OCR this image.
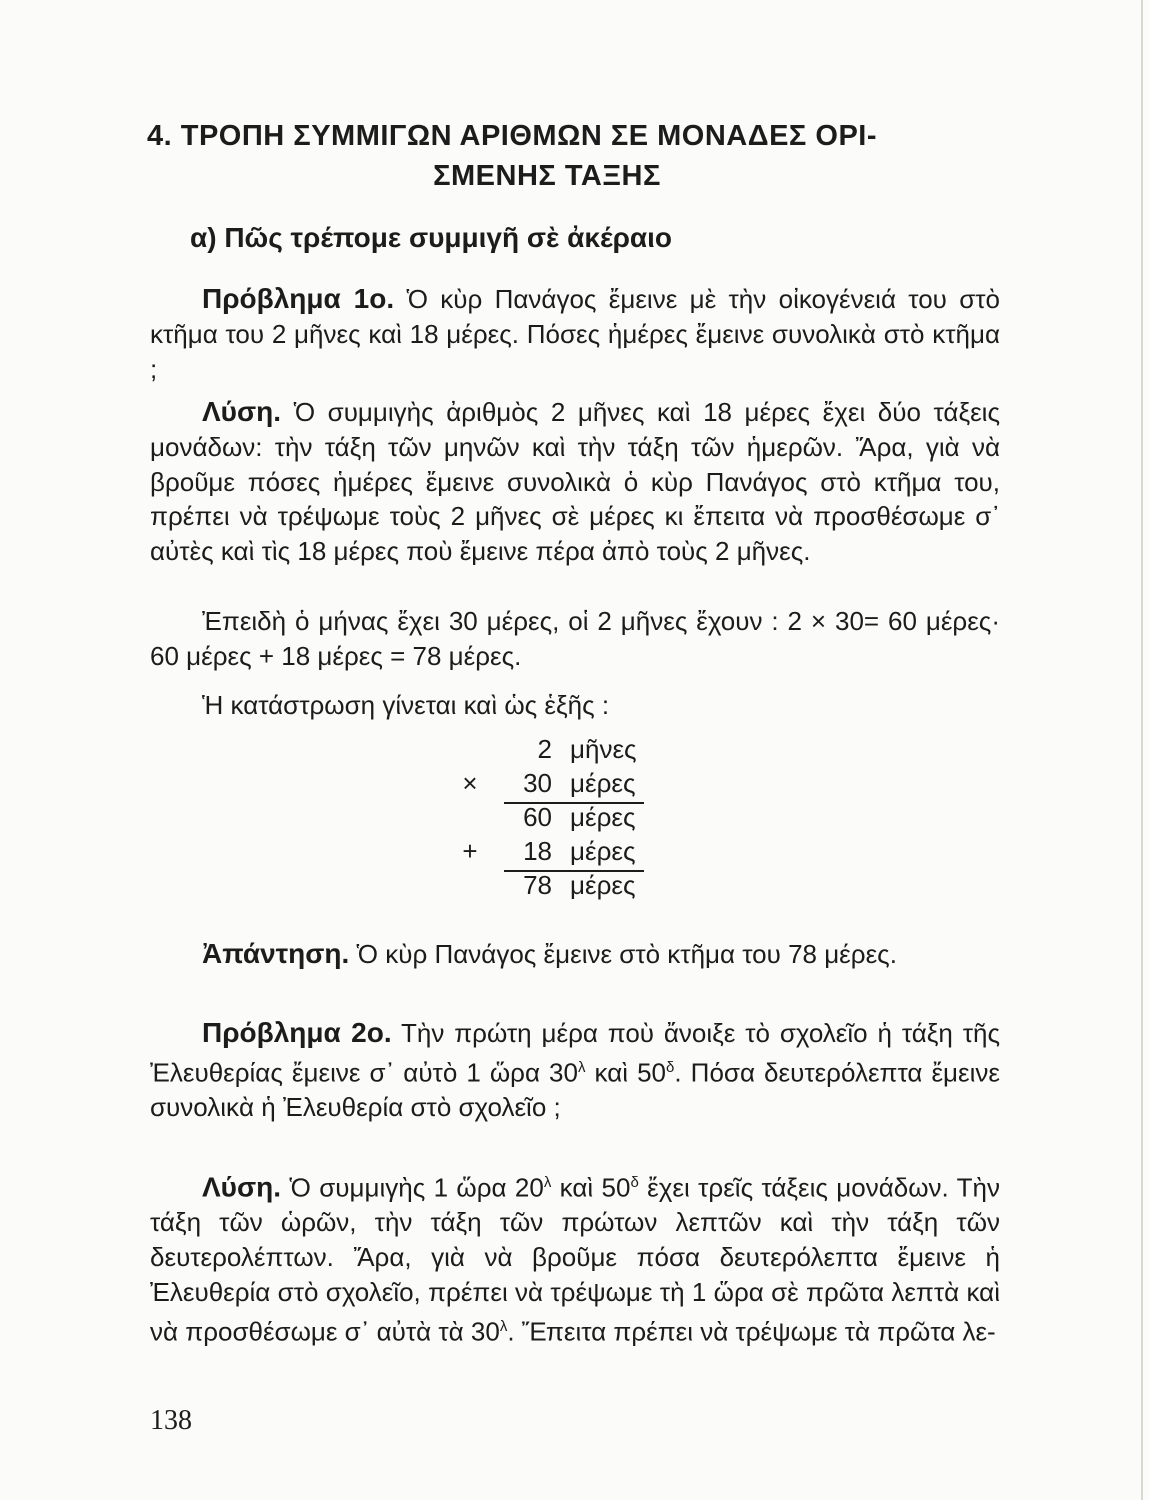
4. ΤΡΟΠΗ ΣΥΜΜΙΓΩΝ ΑΡΙΘΜΩΝ ΣΕ ΜΟΝΑΔΕΣ ΟΡΙ-
ΣΜΕΝΗΣ ΤΑΞΗΣ
α) Πῶς τρέπομε συμμιγῆ σὲ ἀκέραιο
Πρόβλημα 1ο. Ὁ κὺρ Πανάγος ἔμεινε μὲ τὴν οἰκογένειά του στὸ κτῆμα του 2 μῆνες καὶ 18 μέρες. Πόσες ἡμέρες ἔμεινε συνολικὰ στὸ κτῆμα ;
Λύση. Ὁ συμμιγὴς ἀριθμὸς 2 μῆνες καὶ 18 μέρες ἔχει δύο τάξεις μονάδων: τὴν τάξη τῶν μηνῶν καὶ τὴν τάξη τῶν ἡμερῶν. Ἄρα, γιὰ νὰ βροῦμε πόσες ἡμέρες ἔμεινε συνολικὰ ὁ κὺρ Πανάγος στὸ κτῆμα του, πρέπει νὰ τρέψωμε τοὺς 2 μῆνες σὲ μέρες κι ἔπειτα νὰ προσθέσωμε σ᾽ αὐτὲς καὶ τὶς 18 μέρες ποὺ ἔμεινε πέρα ἀπὸ τοὺς 2 μῆνες.
Ἐπειδὴ ὁ μήνας ἔχει 30 μέρες, οἱ 2 μῆνες ἔχουν : 2 × 30= 60 μέρες· 60 μέρες + 18 μέρες = 78 μέρες.
Ἡ κατάστρωση γίνεται καὶ ὡς ἑξῆς :
2 μῆνες
×	30 μέρες
60 μέρες
+	18 μέρες
78 μέρες
Ἀπάντηση. Ὁ κὺρ Πανάγος ἔμεινε στὸ κτῆμα του 78 μέρες.
Πρόβλημα 2ο. Τὴν πρώτη μέρα ποὺ ἄνοιξε τὸ σχολεῖο ἡ τάξη τῆς Ἐλευθερίας ἔμεινε σ᾽ αὐτὸ 1 ὥρα $30^\lambda$ καὶ $50^\delta$. Πόσα δευτερόλεπτα ἔμεινε συνολικὰ ἡ Ἐλευθερία στὸ σχολεῖο ;
Λύση. Ὁ συμμιγὴς 1 ὥρα $20^\lambda$ καὶ $50^\delta$ ἔχει τρεῖς τάξεις μονάδων. Τὴν τάξη τῶν ὡρῶν, τὴν τάξη τῶν πρώτων λεπτῶν καὶ τὴν τάξη τῶν δευτερολέπτων. Ἄρα, γιὰ νὰ βροῦμε πόσα δευτερόλεπτα ἔμεινε ἡ Ἐλευθερία στὸ σχολεῖο, πρέπει νὰ τρέψωμε τὴ 1 ὥρα σὲ πρῶτα λεπτὰ καὶ νὰ προσθέσωμε σ᾽ αὐτὰ τὰ $30^\lambda$. Ἔπειτα πρέπει νὰ τρέψωμε τὰ πρῶτα λε-
138
